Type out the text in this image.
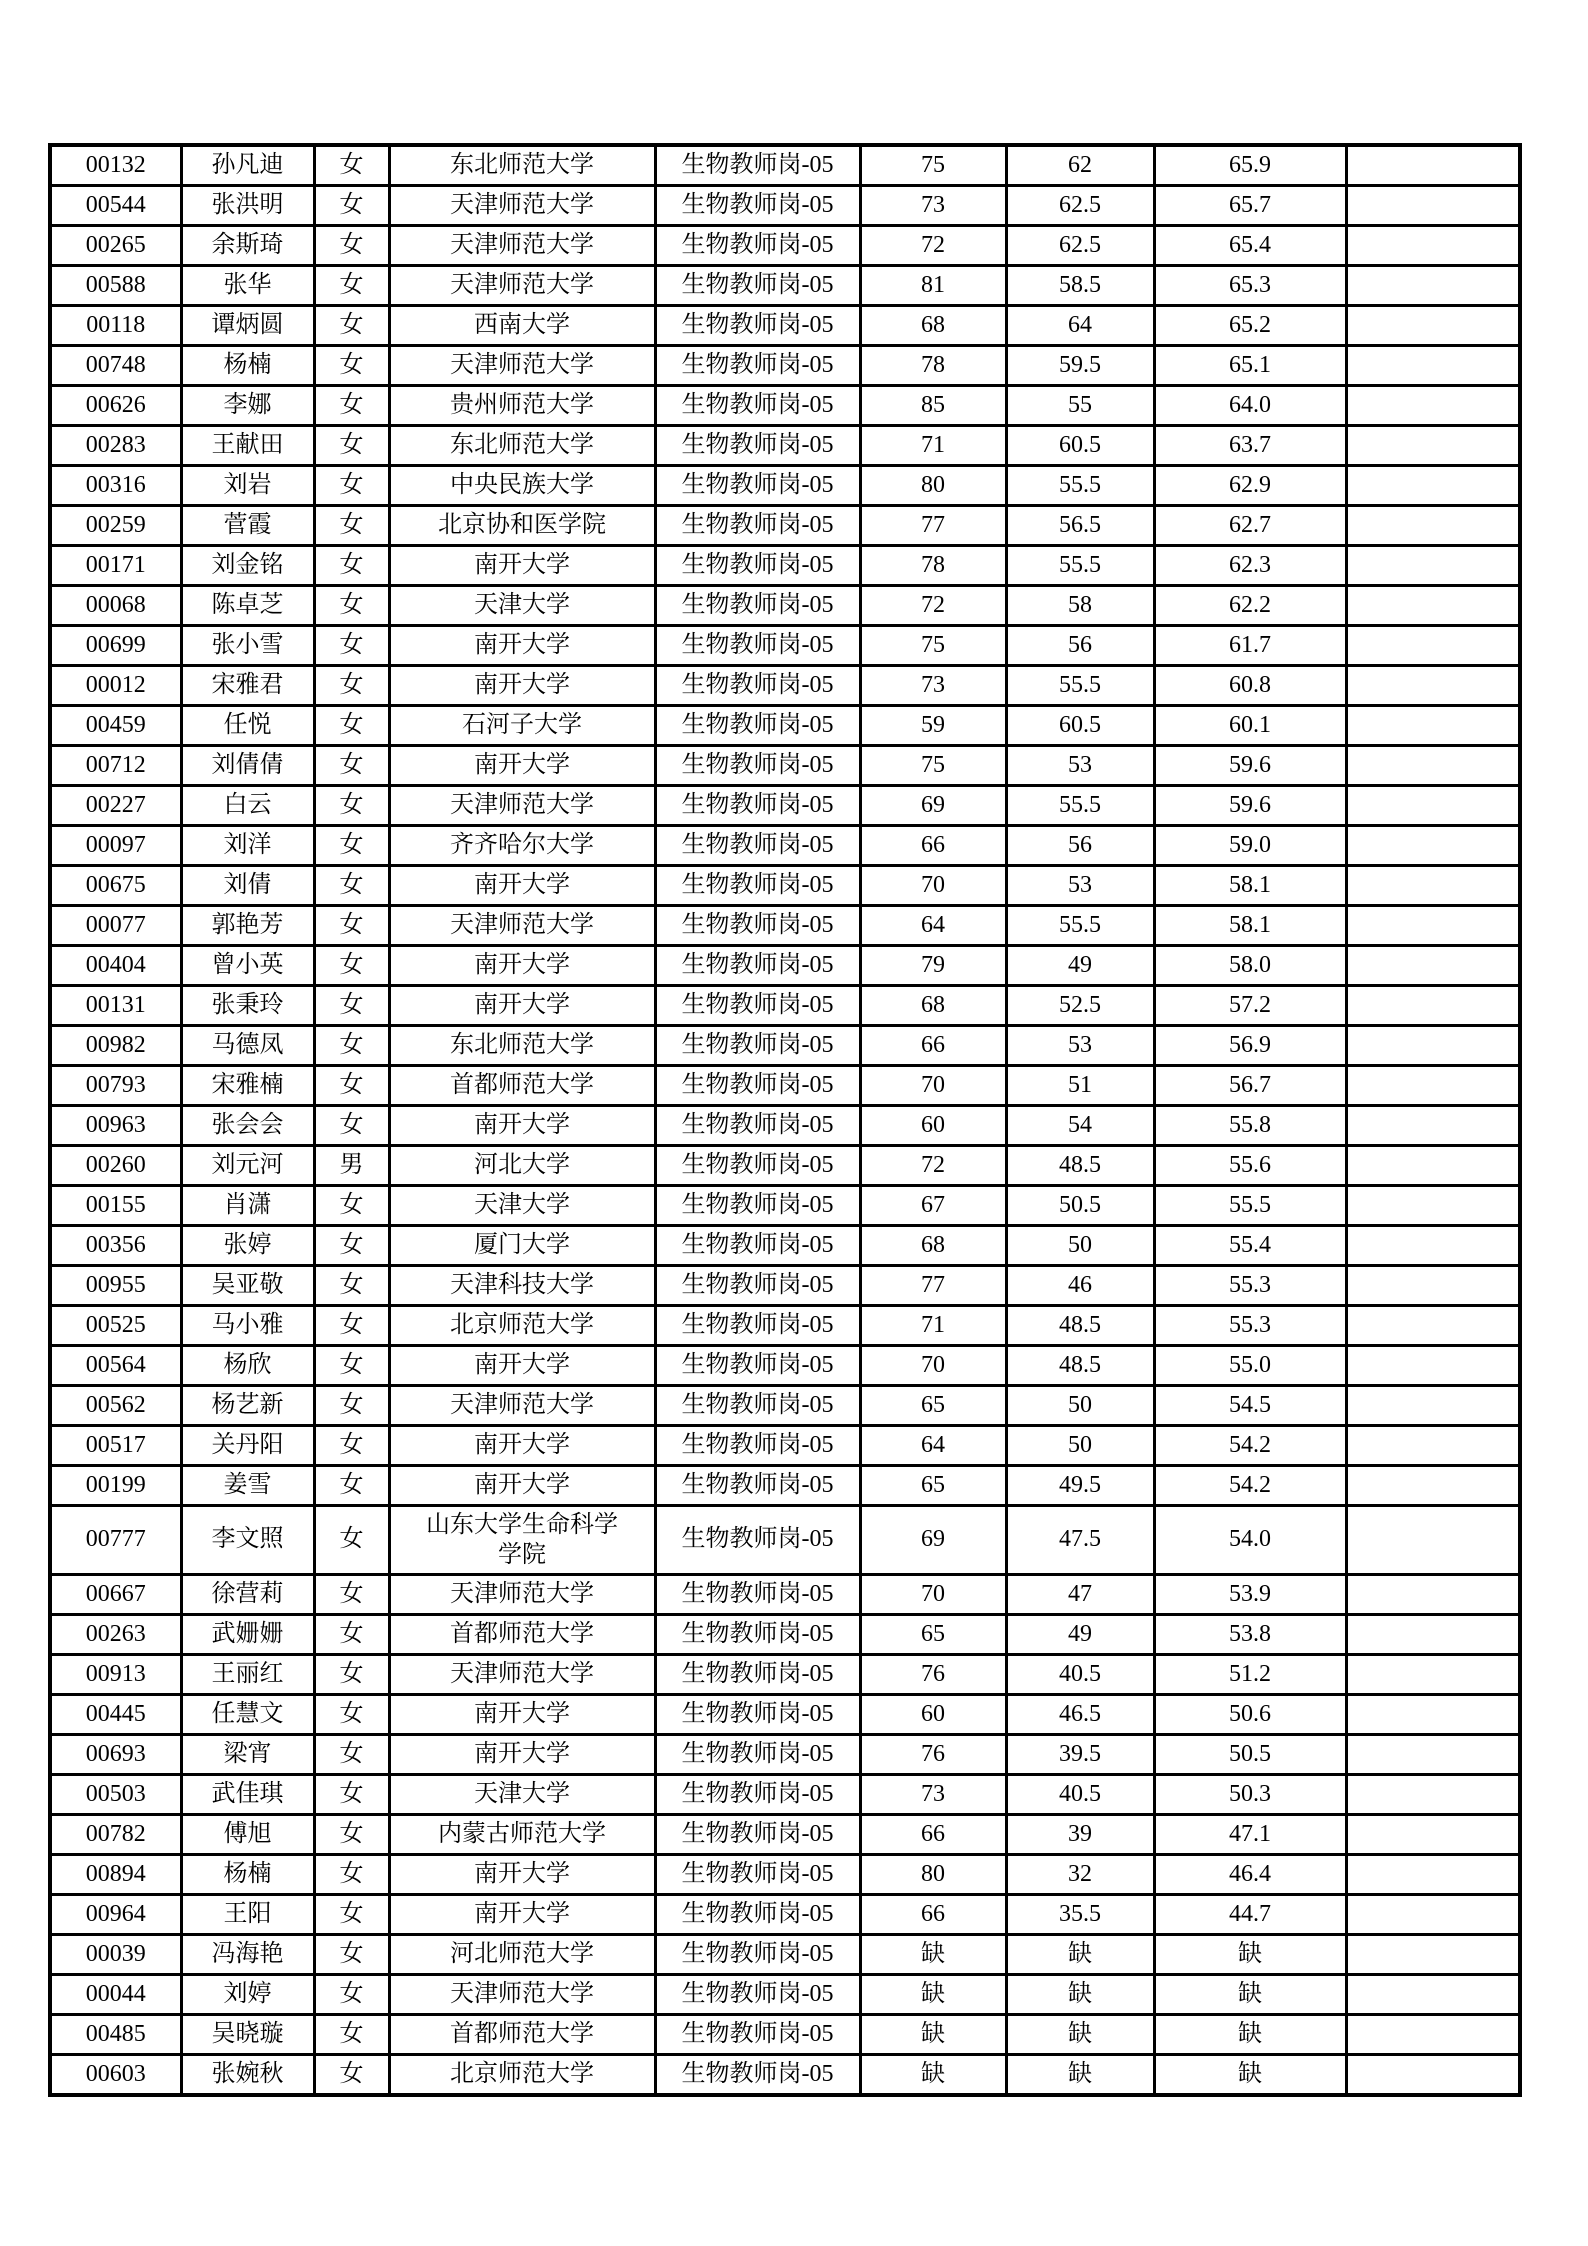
00132	孙凡迪	女	东北师范大学	生物教师岗-05	75	62	65.9	
00544	张洪明	女	天津师范大学	生物教师岗-05	73	62.5	65.7	
00265	余斯琦	女	天津师范大学	生物教师岗-05	72	62.5	65.4	
00588	张华	女	天津师范大学	生物教师岗-05	81	58.5	65.3	
00118	谭炳圆	女	西南大学	生物教师岗-05	68	64	65.2	
00748	杨楠	女	天津师范大学	生物教师岗-05	78	59.5	65.1	
00626	李娜	女	贵州师范大学	生物教师岗-05	85	55	64.0	
00283	王献田	女	东北师范大学	生物教师岗-05	71	60.5	63.7	
00316	刘岩	女	中央民族大学	生物教师岗-05	80	55.5	62.9	
00259	菅霞	女	北京协和医学院	生物教师岗-05	77	56.5	62.7	
00171	刘金铭	女	南开大学	生物教师岗-05	78	55.5	62.3	
00068	陈卓芝	女	天津大学	生物教师岗-05	72	58	62.2	
00699	张小雪	女	南开大学	生物教师岗-05	75	56	61.7	
00012	宋雅君	女	南开大学	生物教师岗-05	73	55.5	60.8	
00459	任悦	女	石河子大学	生物教师岗-05	59	60.5	60.1	
00712	刘倩倩	女	南开大学	生物教师岗-05	75	53	59.6	
00227	白云	女	天津师范大学	生物教师岗-05	69	55.5	59.6	
00097	刘洋	女	齐齐哈尔大学	生物教师岗-05	66	56	59.0	
00675	刘倩	女	南开大学	生物教师岗-05	70	53	58.1	
00077	郭艳芳	女	天津师范大学	生物教师岗-05	64	55.5	58.1	
00404	曾小英	女	南开大学	生物教师岗-05	79	49	58.0	
00131	张秉玲	女	南开大学	生物教师岗-05	68	52.5	57.2	
00982	马德凤	女	东北师范大学	生物教师岗-05	66	53	56.9	
00793	宋雅楠	女	首都师范大学	生物教师岗-05	70	51	56.7	
00963	张会会	女	南开大学	生物教师岗-05	60	54	55.8	
00260	刘元河	男	河北大学	生物教师岗-05	72	48.5	55.6	
00155	肖潇	女	天津大学	生物教师岗-05	67	50.5	55.5	
00356	张婷	女	厦门大学	生物教师岗-05	68	50	55.4	
00955	吴亚敬	女	天津科技大学	生物教师岗-05	77	46	55.3	
00525	马小雅	女	北京师范大学	生物教师岗-05	71	48.5	55.3	
00564	杨欣	女	南开大学	生物教师岗-05	70	48.5	55.0	
00562	杨艺新	女	天津师范大学	生物教师岗-05	65	50	54.5	
00517	关丹阳	女	南开大学	生物教师岗-05	64	50	54.2	
00199	姜雪	女	南开大学	生物教师岗-05	65	49.5	54.2	
00777	李文照	女	山东大学生命科学学院	生物教师岗-05	69	47.5	54.0	
00667	徐营莉	女	天津师范大学	生物教师岗-05	70	47	53.9	
00263	武姗姗	女	首都师范大学	生物教师岗-05	65	49	53.8	
00913	王丽红	女	天津师范大学	生物教师岗-05	76	40.5	51.2	
00445	任慧文	女	南开大学	生物教师岗-05	60	46.5	50.6	
00693	梁宵	女	南开大学	生物教师岗-05	76	39.5	50.5	
00503	武佳琪	女	天津大学	生物教师岗-05	73	40.5	50.3	
00782	傅旭	女	内蒙古师范大学	生物教师岗-05	66	39	47.1	
00894	杨楠	女	南开大学	生物教师岗-05	80	32	46.4	
00964	王阳	女	南开大学	生物教师岗-05	66	35.5	44.7	
00039	冯海艳	女	河北师范大学	生物教师岗-05	缺	缺	缺	
00044	刘婷	女	天津师范大学	生物教师岗-05	缺	缺	缺	
00485	吴晓璇	女	首都师范大学	生物教师岗-05	缺	缺	缺	
00603	张婉秋	女	北京师范大学	生物教师岗-05	缺	缺	缺	
